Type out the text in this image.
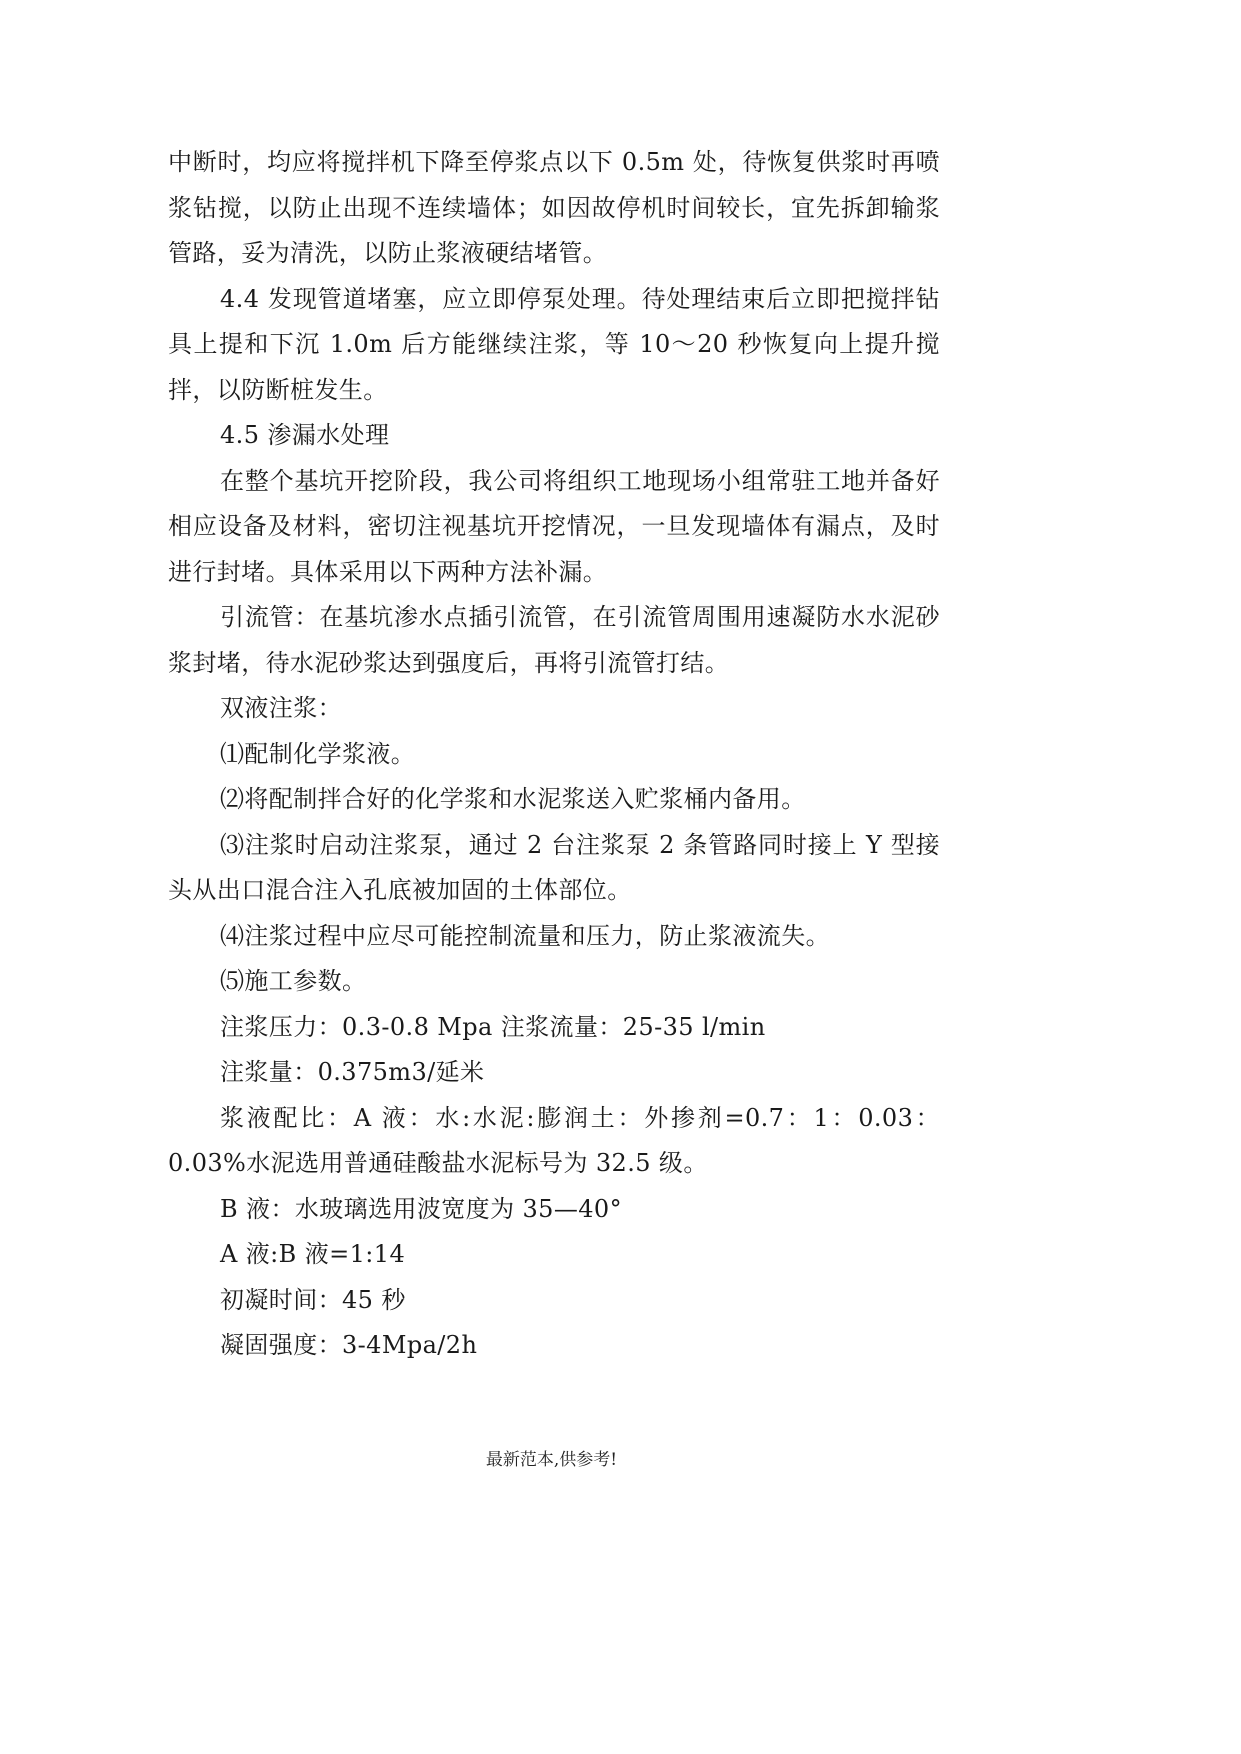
中断时，均应将搅拌机下降至停浆点以下 0.5m 处，待恢复供浆时再喷浆钻搅，以防止出现不连续墙体；如因故停机时间较长，宜先拆卸输浆管路，妥为清洗，以防止浆液硬结堵管。

4.4 发现管道堵塞，应立即停泵处理。待处理结束后立即把搅拌钻具上提和下沉 1.0m 后方能继续注浆，等 10～20 秒恢复向上提升搅拌，以防断桩发生。

4.5 渗漏水处理

在整个基坑开挖阶段，我公司将组织工地现场小组常驻工地并备好相应设备及材料，密切注视基坑开挖情况，一旦发现墙体有漏点，及时进行封堵。具体采用以下两种方法补漏。

引流管：在基坑渗水点插引流管，在引流管周围用速凝防水水泥砂浆封堵，待水泥砂浆达到强度后，再将引流管打结。

双液注浆：

⑴配制化学浆液。

⑵将配制拌合好的化学浆和水泥浆送入贮浆桶内备用。

⑶注浆时启动注浆泵，通过 2 台注浆泵 2 条管路同时接上 Y 型接头从出口混合注入孔底被加固的土体部位。

⑷注浆过程中应尽可能控制流量和压力，防止浆液流失。

⑸施工参数。

注浆压力：0.3-0.8 Mpa 注浆流量：25-35 l/min

注浆量：0.375m3/延米

浆液配比：A 液：水:水泥:膨润土：外掺剂=0.7：1：0.03：0.03%水泥选用普通硅酸盐水泥标号为 32.5 级。

B 液：水玻璃选用波宽度为 35—40°

A 液:B 液=1:14

初凝时间：45 秒

凝固强度：3-4Mpa/2h

最新范本,供参考!
